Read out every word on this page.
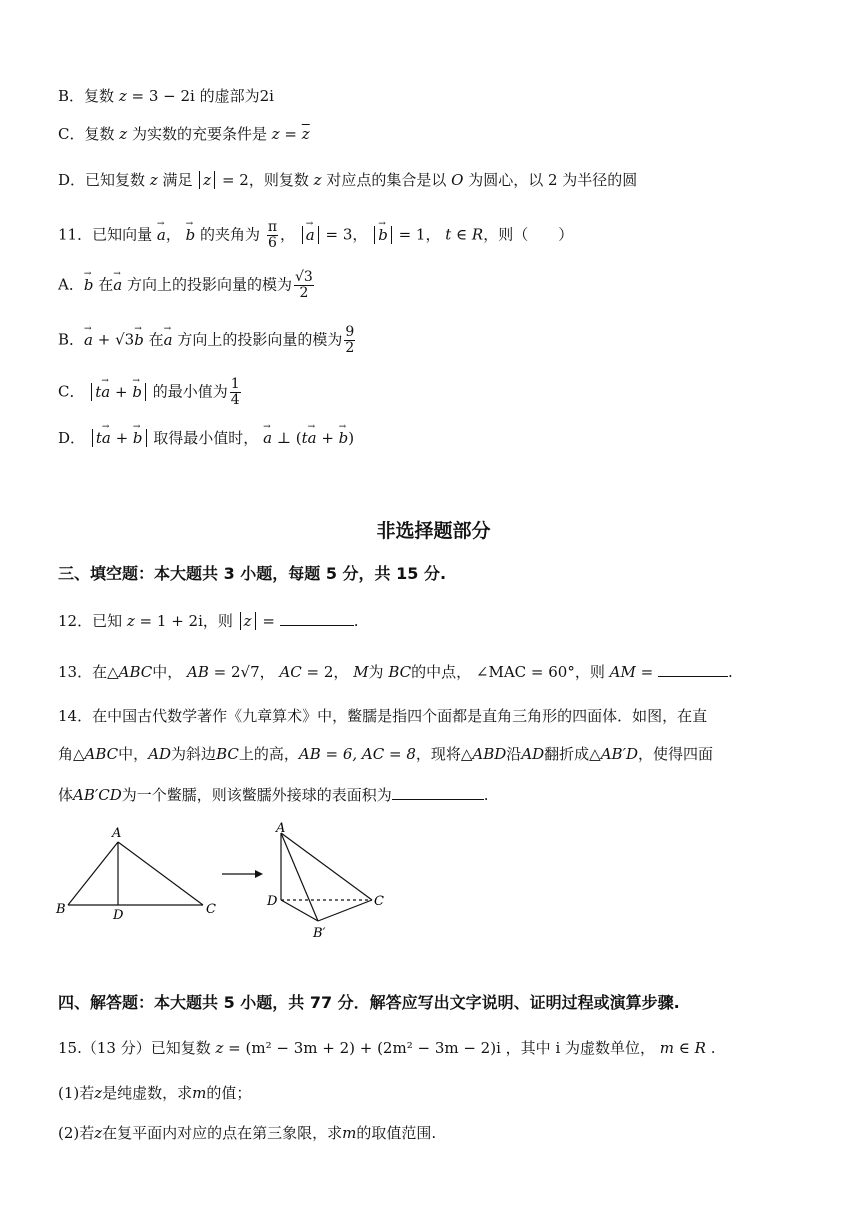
B．复数 z = 3 − 2i 的虚部为2i
C．复数 z 为实数的充要条件是 $z = \overline{z}$
D．已知复数 z 满足 z = 2，则复数 z 对应点的集合是以 O 为圆心，以 2 为半径的圆
11．已知向量 → a， → b 的夹角为 $\frac{\pi}{6}$ ， → a = 3， → b = 1， t ∈ R，则（　　）
A．→ b 在→ a 方向上的投影向量的模为 $\frac{√3}{2}$
B．→ a + √3→ b 在→ a 方向上的投影向量的模为 $\frac{9}{2}$
C． t→ a + → b 的最小值为 $\frac{1}{4}$
D． t→ a + → b 取得最小值时， → a ⊥ (t→ a + → b)
非选择题部分
三、填空题：本大题共 3 小题，每题 5 分，共 15 分.
12．已知 z = 1 + 2i，则 z =	.
13．在△ABC中， AB = 2√7， AC = 2， M为 BC的中点， ∠MAC = 60°，则 AM =	.
14．在中国古代数学著作《九章算术》中，鳖臑是指四个面都是直角三角形的四面体．如图，在直
角△ABC中，AD为斜边BC上的高，AB = 6, AC = 8，现将△ABD沿AD翻折成△AB′D，使得四面
体AB′CD为一个鳖臑，则该鳖臑外接球的表面积为	.
A
B	D	C
A
D	C
B′
四、解答题：本大题共 5 小题，共 77 分．解答应写出文字说明、证明过程或演算步骤.
15.（13 分）已知复数 z = (m² − 3m + 2) + (2m² − 3m − 2)i ，其中 i 为虚数单位， m ∈ R .
(1)若z是纯虚数，求m的值；
(2)若z在复平面内对应的点在第三象限，求m的取值范围.
